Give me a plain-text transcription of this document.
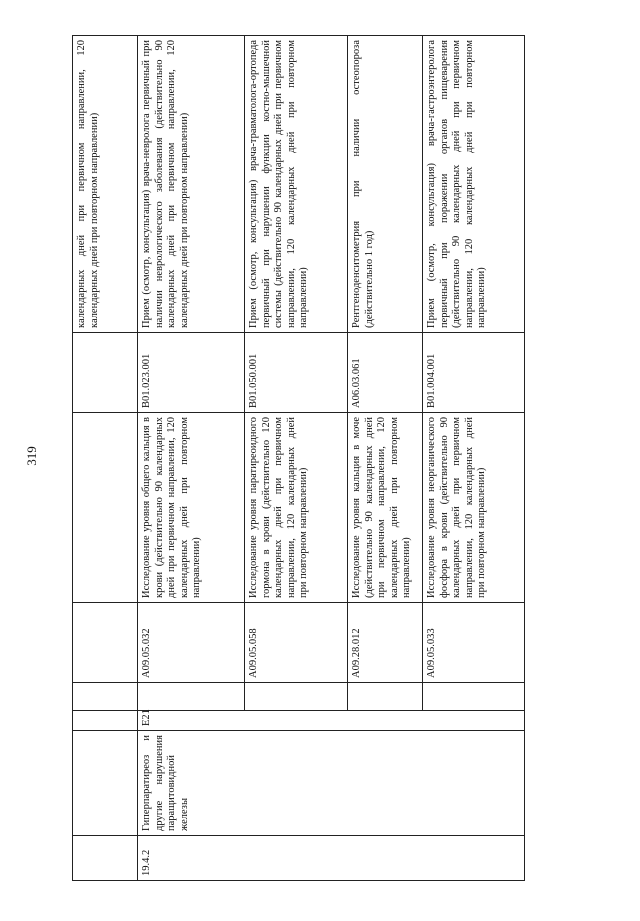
319
							календарных дней при первичном направлении, 120 календарных дней при повторном направлении)
19.4.2	Гиперпаратиреоз и другие нарушения паращитовидной железы	E21		A09.05.032	Исследование уровня общего кальция в крови (действительно 90 календарных дней при первичном направлении, 120 календарных дней при повторном направлении)	B01.023.001	Прием (осмотр, консультация) врача-невролога первичный при наличии неврологического заболевания (действительно 90 календарных дней при первичном направлении, 120 календарных дней при повторном направлении)
				A09.05.058	Исследование уровня паратиреоидного гормона в крови (действительно 120 календарных дней при первичном направлении, 120 календарных дней при повторном направлении)	B01.050.001	Прием (осмотр, консультация) врача-травматолога-ортопеда первичный при нарушении функции костно-мышечной системы (действительно 90 календарных дней при первичном направлении, 120 календарных дней при повторном направлении)
				A09.28.012	Исследование уровня кальция в моче (действительно 90 календарных дней при первичном направлении, 120 календарных дней при повторном направлении)	A06.03.061	Рентгеноденситометрия при наличии остеопороза (действительно 1 год)
				A09.05.033	Исследование уровня неорганического фосфора в крови (действительно 90 календарных дней при первичном направлении, 120 календарных дней при повторном направлении)	B01.004.001	Прием (осмотр, консультация) врача-гастроэнтеролога первичный при поражении органов пищеварения (действительно 90 календарных дней при первичном направлении, 120 календарных дней при повторном направлении)
